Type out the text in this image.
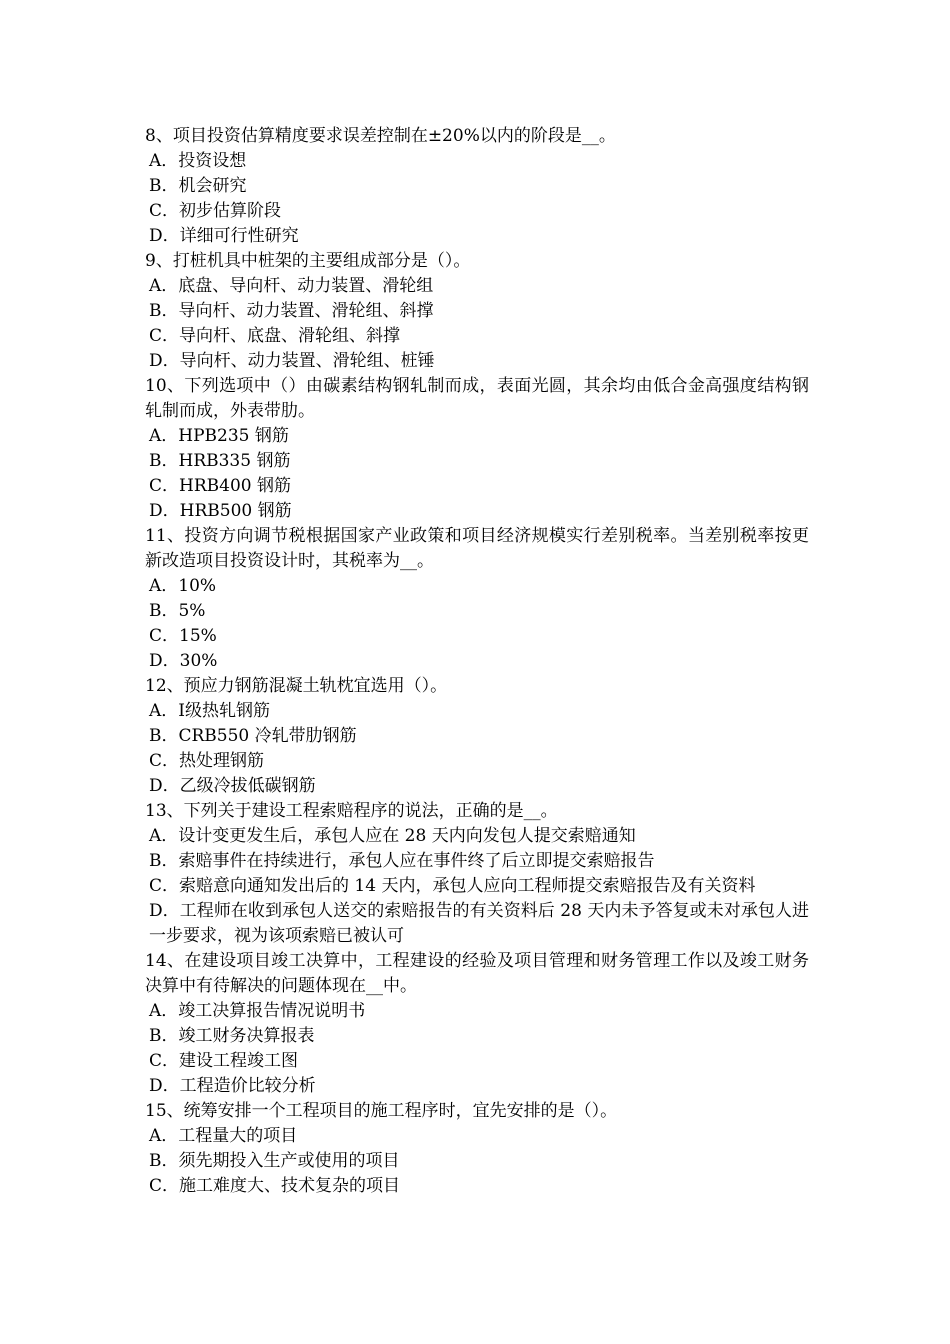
8、项目投资估算精度要求误差控制在±20%以内的阶段是__。
A．投资设想
B．机会研究
C．初步估算阶段
D．详细可行性研究
9、打桩机具中桩架的主要组成部分是（）。
A．底盘、导向杆、动力装置、滑轮组
B．导向杆、动力装置、滑轮组、斜撑
C．导向杆、底盘、滑轮组、斜撑
D．导向杆、动力装置、滑轮组、桩锤
10、下列选项中（）由碳素结构钢轧制而成，表面光圆，其余均由低合金高强度结构钢轧制而成，外表带肋。
A．HPB235 钢筋
B．HRB335 钢筋
C．HRB400 钢筋
D．HRB500 钢筋
11、投资方向调节税根据国家产业政策和项目经济规模实行差别税率。当差别税率按更新改造项目投资设计时，其税率为__。
A．10%
B．5%
C．15%
D．30%
12、预应力钢筋混凝土轨枕宜选用（）。
A．Ⅰ级热轧钢筋
B．CRB550 冷轧带肋钢筋
C．热处理钢筋
D．乙级冷拔低碳钢筋
13、下列关于建设工程索赔程序的说法，正确的是__。
A．设计变更发生后，承包人应在 28 天内向发包人提交索赔通知
B．索赔事件在持续进行，承包人应在事件终了后立即提交索赔报告
C．索赔意向通知发出后的 14 天内，承包人应向工程师提交索赔报告及有关资料
D．工程师在收到承包人送交的索赔报告的有关资料后 28 天内未予答复或未对承包人进一步要求，视为该项索赔已被认可
14、在建设项目竣工决算中，工程建设的经验及项目管理和财务管理工作以及竣工财务决算中有待解决的问题体现在__中。
A．竣工决算报告情况说明书
B．竣工财务决算报表
C．建设工程竣工图
D．工程造价比较分析
15、统筹安排一个工程项目的施工程序时，宜先安排的是（）。
A．工程量大的项目
B．须先期投入生产或使用的项目
C．施工难度大、技术复杂的项目
